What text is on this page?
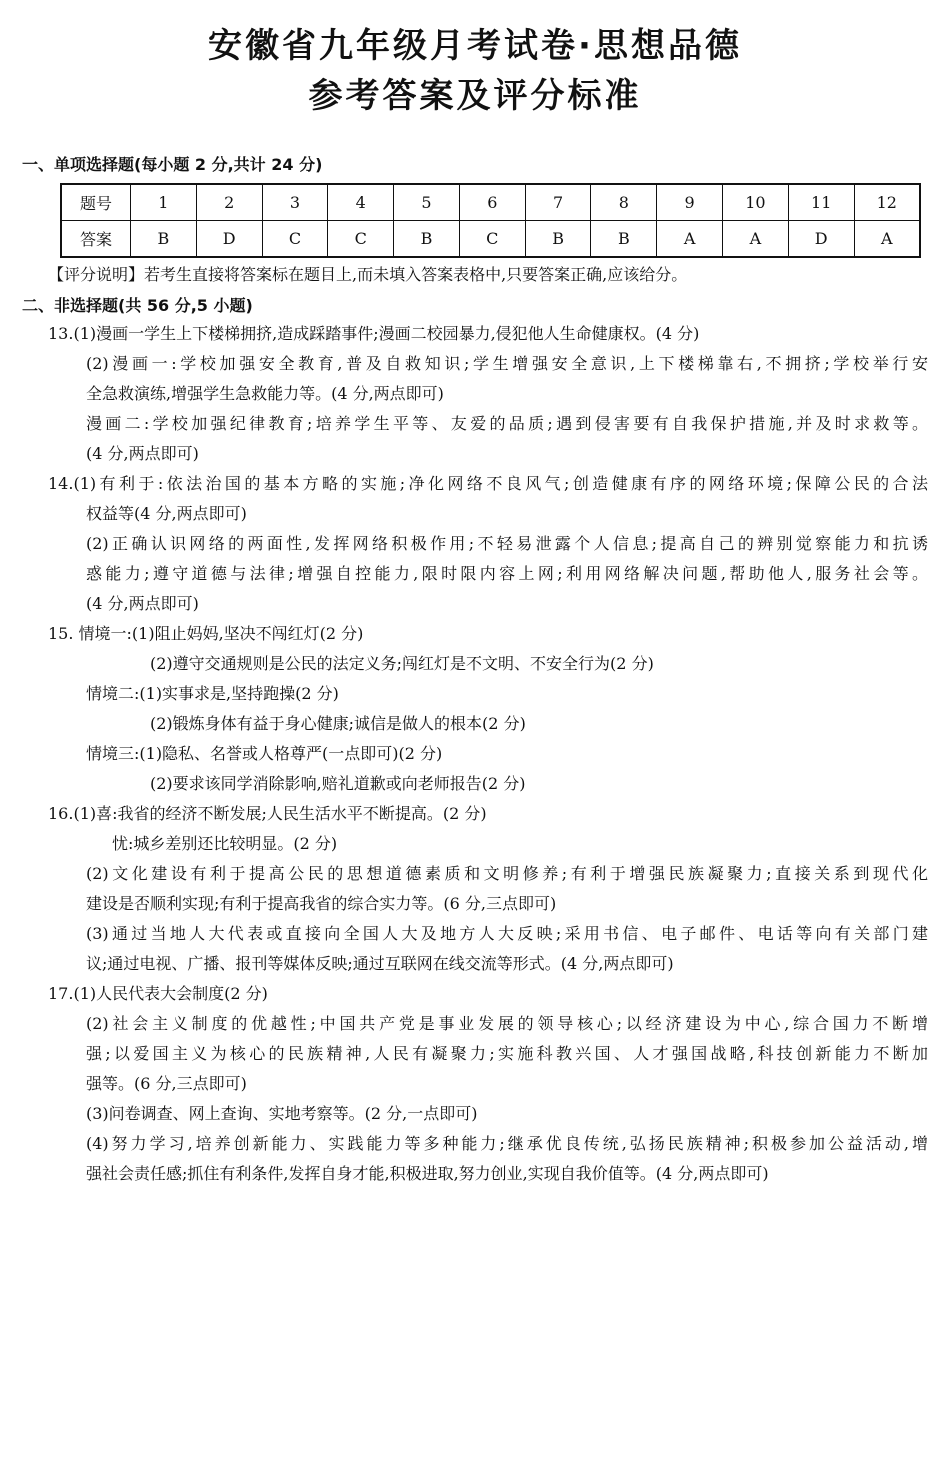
安徽省九年级月考试卷·思想品德
参考答案及评分标准
一、单项选择题(每小题 2 分,共计 24 分)
题号	1	2	3	4	5	6	7	8	9	10	11	12
答案	B	D	C	C	B	C	B	B	A	A	D	A
【评分说明】若考生直接将答案标在题目上,而未填入答案表格中,只要答案正确,应该给分。
二、非选择题(共 56 分,5 小题)
13.(1)漫画一学生上下楼梯拥挤,造成踩踏事件;漫画二校园暴力,侵犯他人生命健康权。(4 分)
(2)漫画一:学校加强安全教育,普及自救知识;学生增强安全意识,上下楼梯靠右,不拥挤;学校举行安
全急救演练,增强学生急救能力等。(4 分,两点即可)
漫画二:学校加强纪律教育;培养学生平等、友爱的品质;遇到侵害要有自我保护措施,并及时求救等。
(4 分,两点即可)
14.(1)有利于:依法治国的基本方略的实施;净化网络不良风气;创造健康有序的网络环境;保障公民的合法
权益等(4 分,两点即可)
(2)正确认识网络的两面性,发挥网络积极作用;不轻易泄露个人信息;提高自己的辨别觉察能力和抗诱
惑能力;遵守道德与法律;增强自控能力,限时限内容上网;利用网络解决问题,帮助他人,服务社会等。
(4 分,两点即可)
15. 情境一:(1)阻止妈妈,坚决不闯红灯(2 分)
(2)遵守交通规则是公民的法定义务;闯红灯是不文明、不安全行为(2 分)
情境二:(1)实事求是,坚持跑操(2 分)
(2)锻炼身体有益于身心健康;诚信是做人的根本(2 分)
情境三:(1)隐私、名誉或人格尊严(一点即可)(2 分)
(2)要求该同学消除影响,赔礼道歉或向老师报告(2 分)
16.(1)喜:我省的经济不断发展;人民生活水平不断提高。(2 分)
忧:城乡差别还比较明显。(2 分)
(2)文化建设有利于提高公民的思想道德素质和文明修养;有利于增强民族凝聚力;直接关系到现代化
建设是否顺利实现;有利于提高我省的综合实力等。(6 分,三点即可)
(3)通过当地人大代表或直接向全国人大及地方人大反映;采用书信、电子邮件、电话等向有关部门建
议;通过电视、广播、报刊等媒体反映;通过互联网在线交流等形式。(4 分,两点即可)
17.(1)人民代表大会制度(2 分)
(2)社会主义制度的优越性;中国共产党是事业发展的领导核心;以经济建设为中心,综合国力不断增
强;以爱国主义为核心的民族精神,人民有凝聚力;实施科教兴国、人才强国战略,科技创新能力不断加
强等。(6 分,三点即可)
(3)问卷调查、网上查询、实地考察等。(2 分,一点即可)
(4)努力学习,培养创新能力、实践能力等多种能力;继承优良传统,弘扬民族精神;积极参加公益活动,增
强社会责任感;抓住有利条件,发挥自身才能,积极进取,努力创业,实现自我价值等。(4 分,两点即可)
